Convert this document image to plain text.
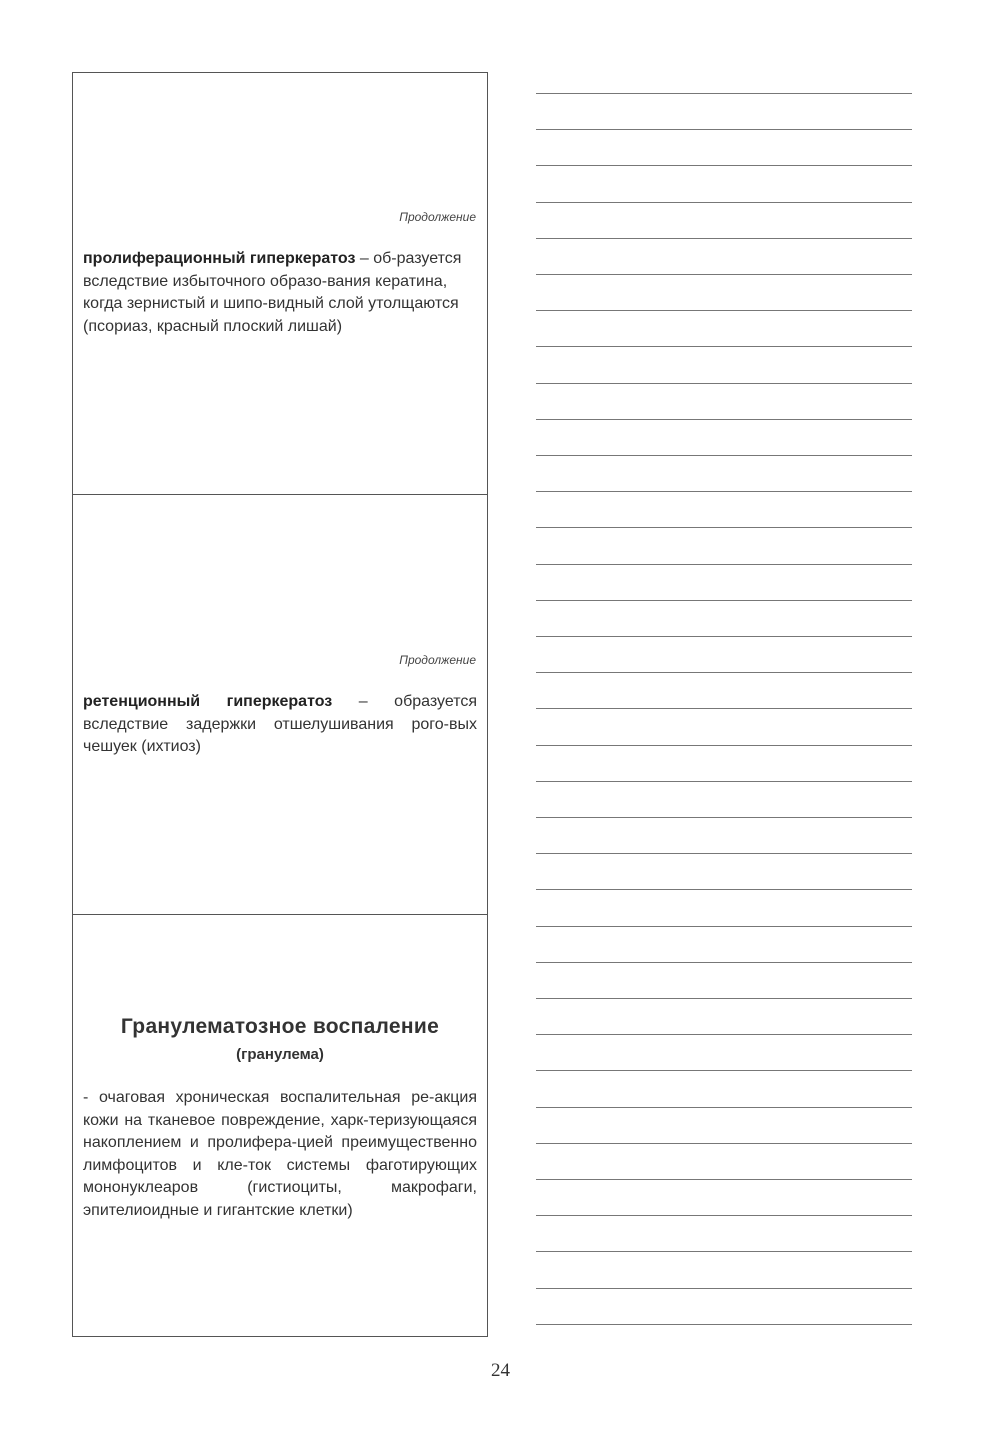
Продолжение
пролиферационный гиперкератоз – об-разуется вследствие избыточного образо-вания кератина, когда зернистый и шипо-видный слой утолщаются (псориаз, красный плоский лишай)
Продолжение
ретенционный гиперкератоз – образуется вследствие задержки отшелушивания рого-вых чешуек (ихтиоз)
Гранулематозное воспаление
(гранулема)
- очаговая хроническая воспалительная ре-акция кожи на тканевое повреждение, харк-теризующаяся накоплением и пролифера-цией преимущественно лимфоцитов и кле-ток системы фаготирующих мононуклеаров (гистиоциты, макрофаги, эпителиоидные и гигантские клетки)
24
